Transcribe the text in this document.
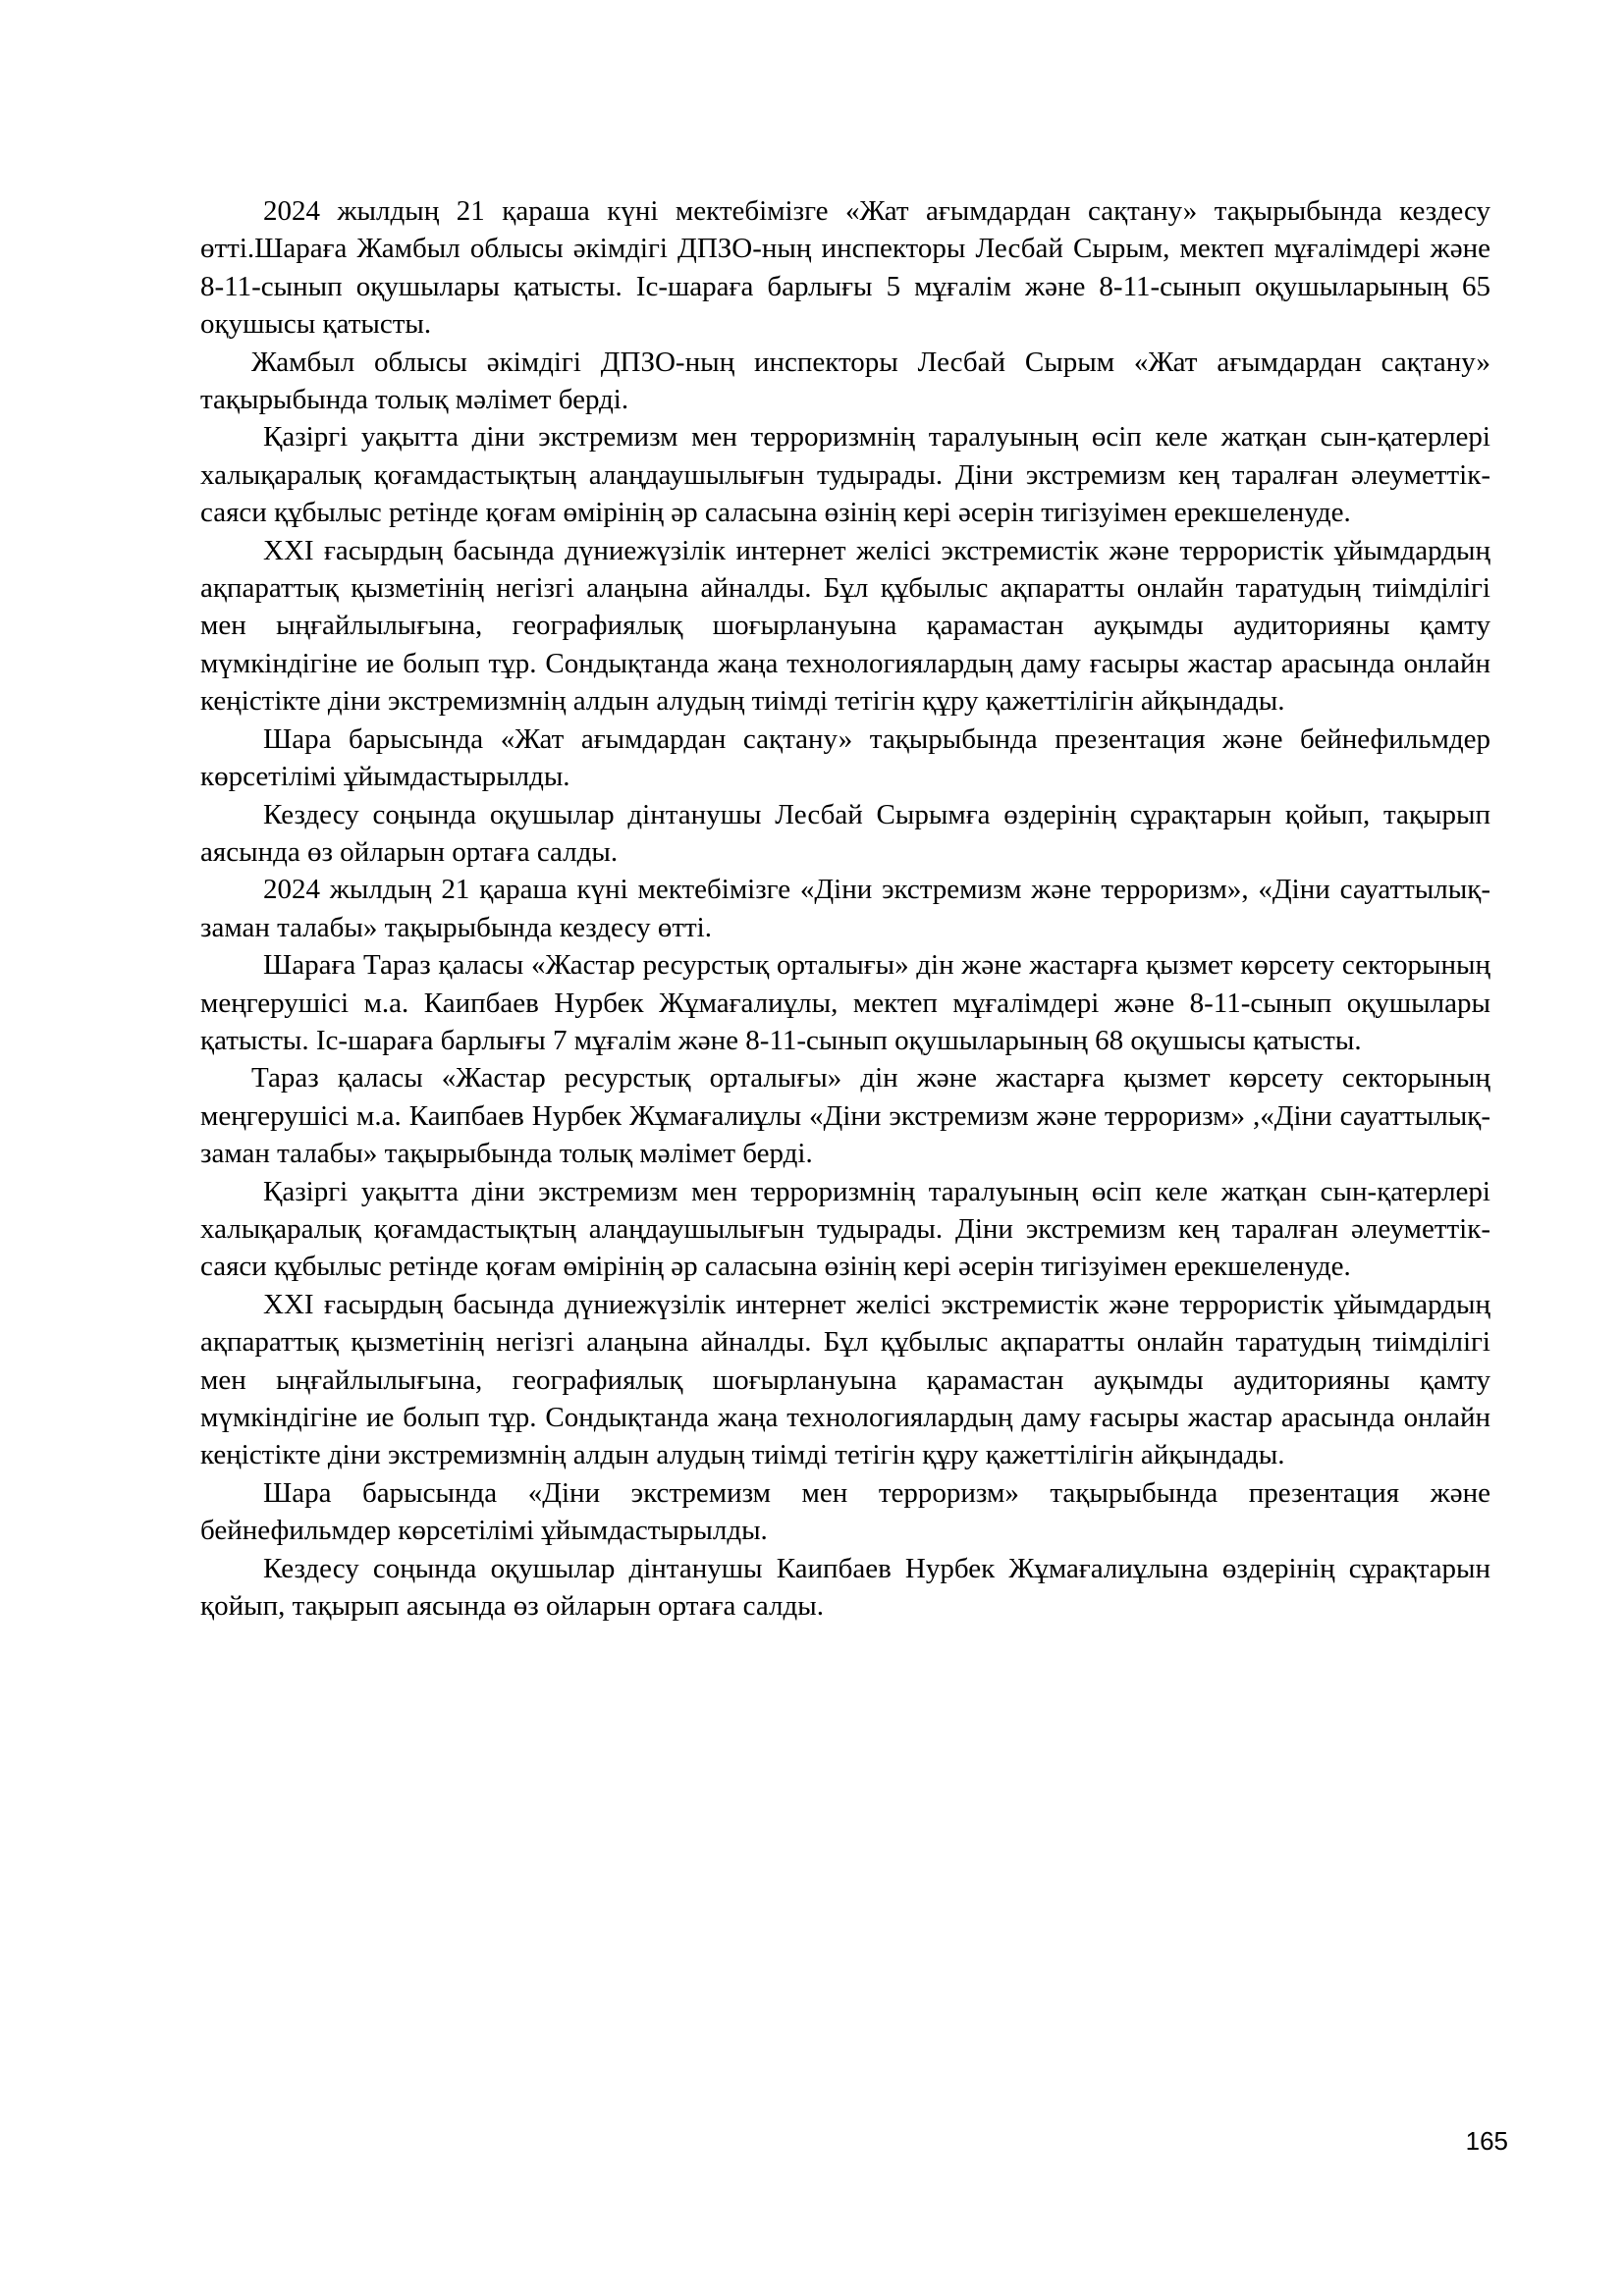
2024 жылдың 21 қараша күні мектебімізге «Жат ағымдардан сақтану» тақырыбында кездесу өтті.Шараға Жамбыл облысы әкімдігі ДПЗО-ның инспекторы Лесбай Сырым, мектеп мұғалімдері және 8-11-сынып оқушылары қатысты. Іс-шараға барлығы 5 мұғалім және 8-11-сынып оқушыларының 65 оқушысы қатысты.

Жамбыл облысы әкімдігі ДПЗО-ның инспекторы Лесбай Сырым «Жат ағымдардан сақтану» тақырыбында толық мәлімет берді.

Қазіргі уақытта діни экстремизм мен терроризмнің таралуының өсіп келе жатқан сын-қатерлері халықаралық қоғамдастықтың алаңдаушылығын тудырады. Діни экстремизм кең таралған әлеуметтік-саяси құбылыс ретінде қоғам өмірінің әр саласына өзінің кері әсерін тигізуімен ерекшеленуде.

XXI ғасырдың басында дүниежүзілік интернет желісі экстремистік және террористік ұйымдардың ақпараттық қызметінің негізгі алаңына айналды. Бұл құбылыс ақпаратты онлайн таратудың тиімділігі мен ыңғайлылығына, географиялық шоғырлануына қарамастан ауқымды аудиторияны қамту мүмкіндігіне ие болып тұр. Сондықтанда жаңа технологиялардың даму ғасыры жастар арасында онлайн кеңістікте діни экстремизмнің алдын алудың тиімді тетігін құру қажеттілігін айқындады.

Шара барысында «Жат ағымдардан сақтану» тақырыбында презентация және бейнефильмдер көрсетілімі ұйымдастырылды.

Кездесу соңында оқушылар дінтанушы Лесбай Сырымға өздерінің сұрақтарын қойып, тақырып аясында өз ойларын ортаға салды.

2024 жылдың 21 қараша күні мектебімізге «Діни экстремизм және терроризм», «Діни сауаттылық-заман талабы» тақырыбында кездесу өтті.

Шараға Тараз қаласы «Жастар ресурстық орталығы» дін және жастарға қызмет көрсету секторының меңгерушісі м.а. Каипбаев Нурбек Жұмағалиұлы, мектеп мұғалімдері және 8-11-сынып оқушылары қатысты. Іс-шараға барлығы 7 мұғалім және 8-11-сынып оқушыларының 68 оқушысы қатысты.

Тараз қаласы «Жастар ресурстық орталығы» дін және жастарға қызмет көрсету секторының меңгерушісі м.а. Каипбаев Нурбек Жұмағалиұлы «Діни экстремизм және терроризм» ,«Діни сауаттылық-заман талабы» тақырыбында толық мәлімет берді.

Қазіргі уақытта діни экстремизм мен терроризмнің таралуының өсіп келе жатқан сын-қатерлері халықаралық қоғамдастықтың алаңдаушылығын тудырады. Діни экстремизм кең таралған әлеуметтік-саяси құбылыс ретінде қоғам өмірінің әр саласына өзінің кері әсерін тигізуімен ерекшеленуде.

XXI ғасырдың басында дүниежүзілік интернет желісі экстремистік және террористік ұйымдардың ақпараттық қызметінің негізгі алаңына айналды. Бұл құбылыс ақпаратты онлайн таратудың тиімділігі мен ыңғайлылығына, географиялық шоғырлануына қарамастан ауқымды аудиторияны қамту мүмкіндігіне ие болып тұр. Сондықтанда жаңа технологиялардың даму ғасыры жастар арасында онлайн кеңістікте діни экстремизмнің алдын алудың тиімді тетігін құру қажеттілігін айқындады.

Шара барысында «Діни экстремизм мен терроризм» тақырыбында презентация және бейнефильмдер көрсетілімі ұйымдастырылды.

Кездесу соңында оқушылар дінтанушы Каипбаев Нурбек Жұмағалиұлына өздерінің сұрақтарын қойып, тақырып аясында өз ойларын ортаға салды.

165
